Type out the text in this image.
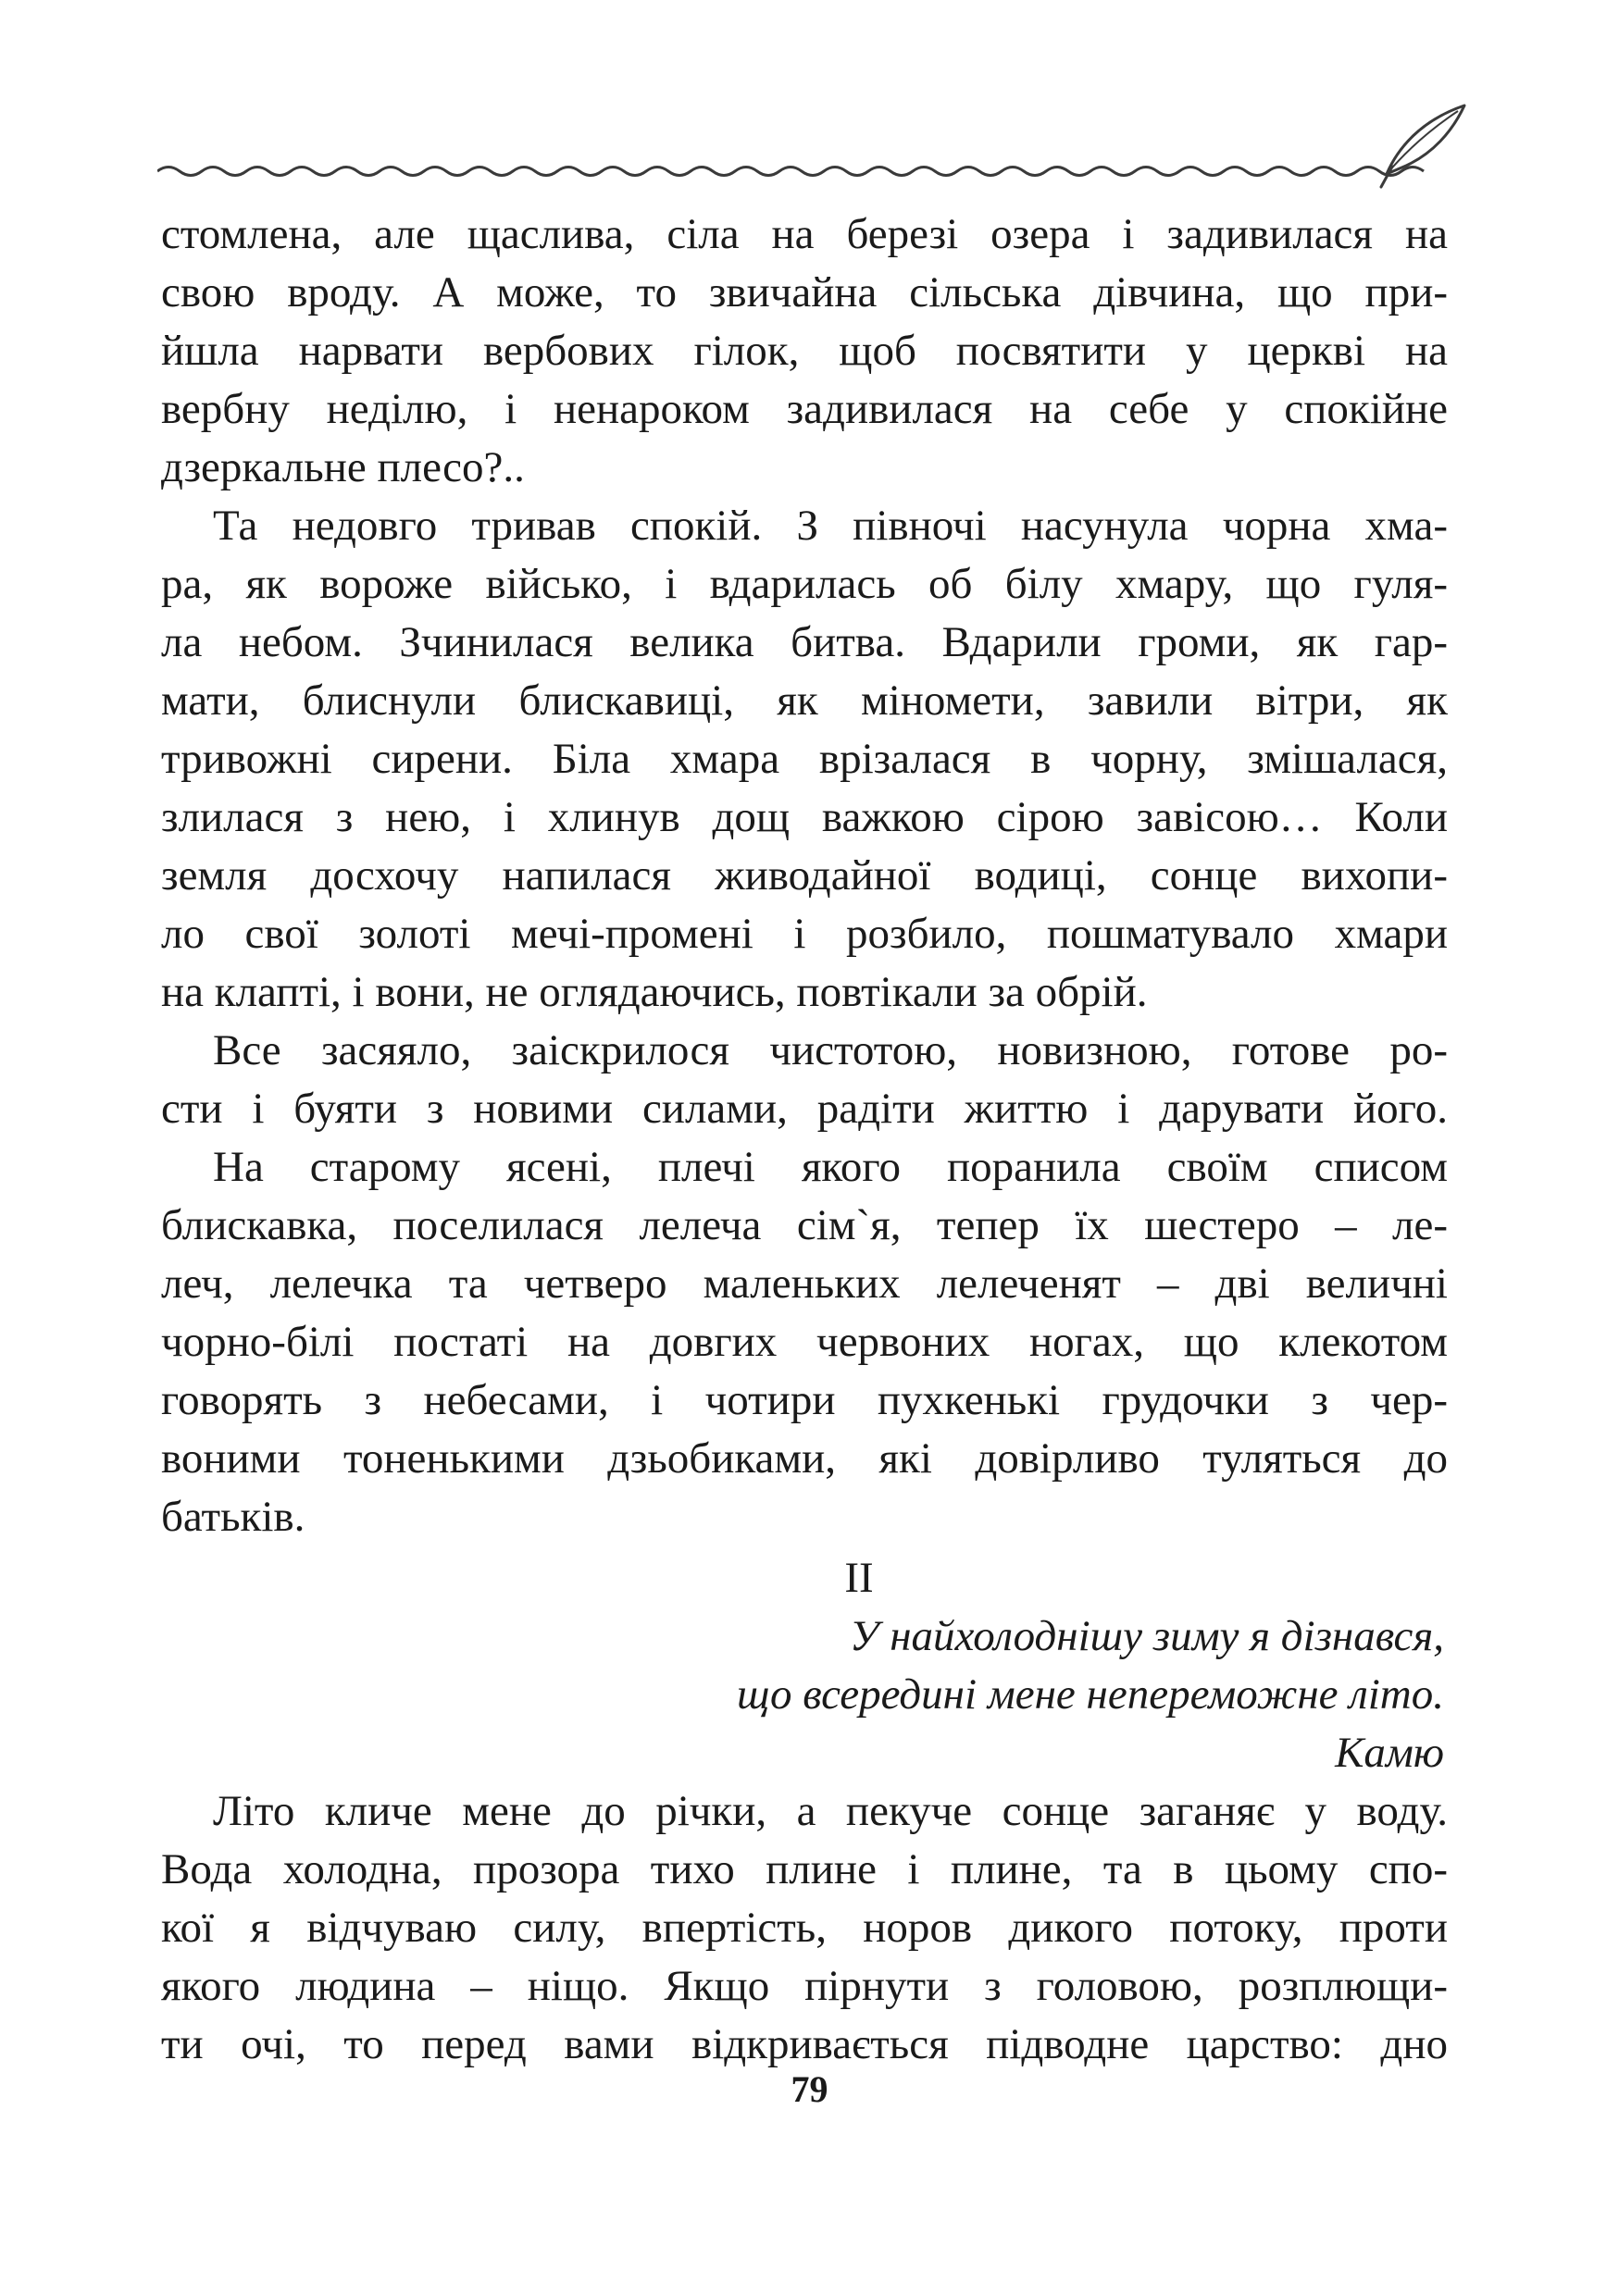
стомлена, але щаслива, сіла на березі озера і задивилася на
свою вроду. А може, то звичайна сільська дівчина, що при-
йшла нарвати вербових гілок, щоб посвятити у церкві на
вербну неділю, і ненароком задивилася на себе у спокійне
дзеркальне плесо?..
Та недовго тривав спокій. З півночі насунула чорна хма-
ра, як вороже військо, і вдарилась об білу хмару, що гуля-
ла небом. Зчинилася велика битва. Вдарили громи, як гар-
мати, блиснули блискавиці, як міномети, завили вітри, як
тривожні сирени. Біла хмара врізалася в чорну, змішалася,
злилася з нею, і хлинув дощ важкою сірою завісою… Коли
земля досхочу напилася живодайної водиці, сонце вихопи-
ло свої золоті мечі-промені і розбило, пошматувало хмари
на клапті, і вони, не оглядаючись, повтікали за обрій.
Все засяяло, заіскрилося чистотою, новизною, готове ро-
сти і буяти з новими силами, радіти життю і дарувати його.
На старому ясені, плечі якого поранила своїм списом
блискавка, поселилася лелеча сім`я, тепер їх шестеро – ле-
леч, лелечка та четверо маленьких лелеченят – дві величні
чорно-білі постаті на довгих червоних ногах, що клекотом
говорять з небесами, і чотири пухкенькі грудочки з чер-
воними тоненькими дзьобиками, які довірливо туляться до
батьків.
II
У найхолоднішу зиму я дізнався,
що всередині мене непереможне літо.
Камю
Літо кличе мене до річки, а пекуче сонце заганяє у воду.
Вода холодна, прозора тихо плине і плине, та в цьому спо-
кої я відчуваю силу, впертість, норов дикого потоку, проти
якого людина – ніщо. Якщо пірнути з головою, розплющи-
ти очі, то перед вами відкривається підводне царство: дно
79
